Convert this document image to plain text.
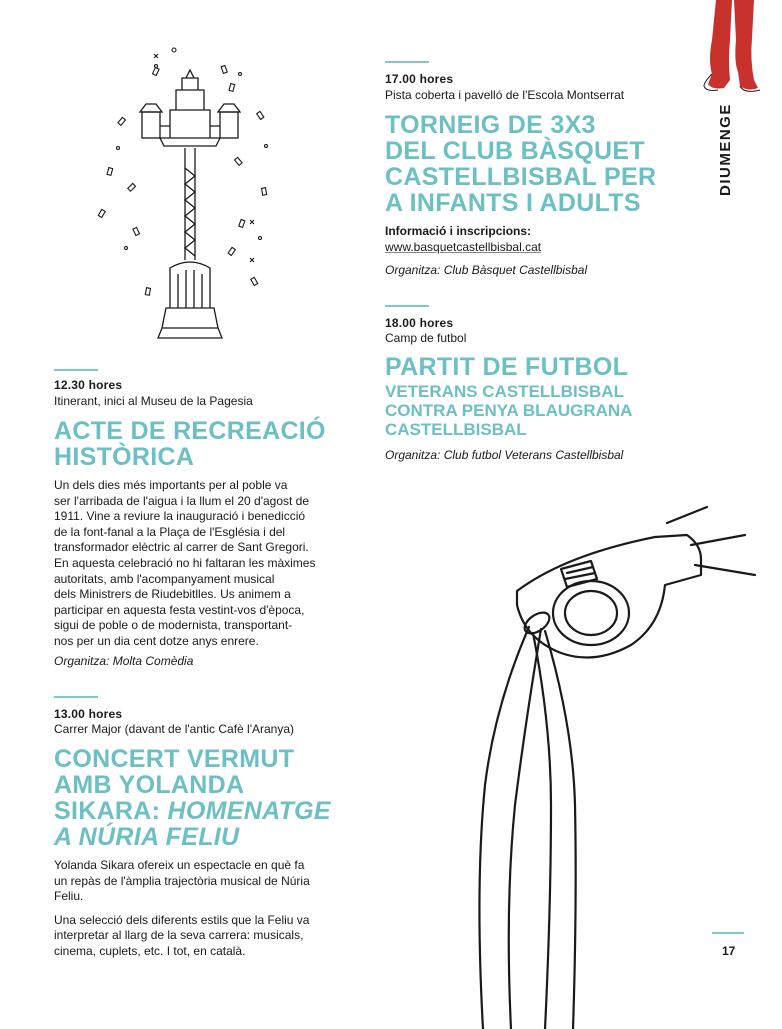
DIUMENGE
12.30 hores
Itinerant, inici al Museu de la Pagesia
ACTE DE RECREACIÓ
HISTÒRICA
Un dels dies més importants per al poble va
ser l'arribada de l'aigua i la llum el 20 d'agost de
1911. Vine a reviure la inauguració i benedicció
de la font-fanal a la Plaça de l'Església i del
transformador elèctric al carrer de Sant Gregori.
En aquesta celebració no hi faltaran les màximes
autoritats, amb l'acompanyament musical
dels Ministrers de Riudebitlles. Us animem a
participar en aquesta festa vestint-vos d'època,
sigui de poble o de modernista, transportant-
nos per un dia cent dotze anys enrere.
Organitza: Molta Comèdia
13.00 hores
Carrer Major (davant de l'antic Cafè l'Aranya)
CONCERT VERMUT
AMB YOLANDA
SIKARA: HOMENATGE
A NÚRIA FELIU

Yolanda Sikara ofereix un espectacle en què fa
un repàs de l'àmplia trajectòria musical de Núria
Feliu.

Una selecció dels diferents estils que la Feliu va
interpretar al llarg de la seva carrera: musicals,
cinema, cuplets, etc. I tot, en català.

17.00 hores
Pista coberta i pavelló de l'Escola Montserrat
TORNEIG DE 3X3
DEL CLUB BÀSQUET
CASTELLBISBAL PER
A INFANTS I ADULTS
Informació i inscripcions:
www.basquetcastellbisbal.cat
Organitza: Club Bàsquet Castellbisbal
18.00 hores
Camp de futbol
PARTIT DE FUTBOL
VETERANS CASTELLBISBAL
CONTRA PENYA BLAUGRANA
CASTELLBISBAL
Organitza: Club futbol Veterans Castellbisbal
17
